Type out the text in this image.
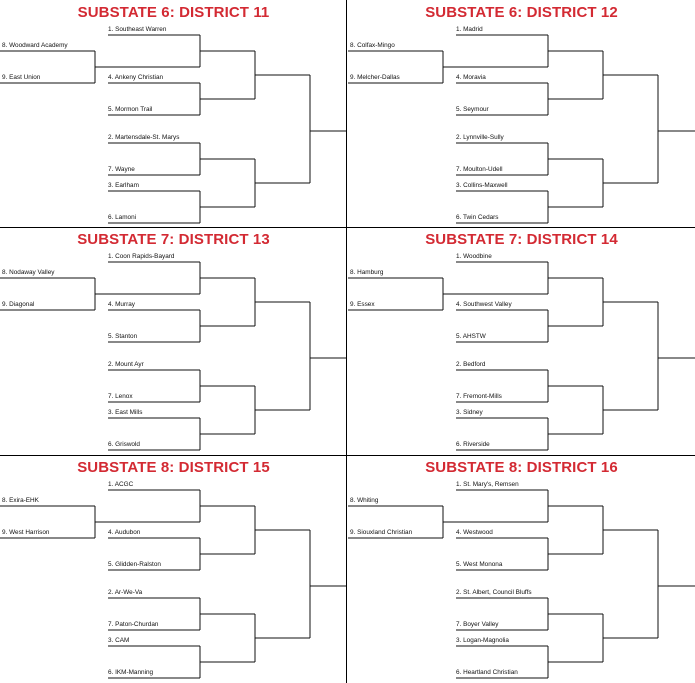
SUBSTATE 6: DISTRICT 11
8. Woodward Academy
9. East Union
1. Southeast Warren
4. Ankeny Christian
5. Mormon Trail
2. Martensdale-St. Marys
7. Wayne
3. Earlham
6. Lamoni
SUBSTATE 6: DISTRICT 12
8. Colfax-Mingo
9. Melcher-Dallas
1. Madrid
4. Moravia
5. Seymour
2. Lynnville-Sully
7. Moulton-Udell
3. Collins-Maxwell
6. Twin Cedars
SUBSTATE 7: DISTRICT 13
8. Nodaway Valley
9. Diagonal
1. Coon Rapids-Bayard
4. Murray
5. Stanton
2. Mount Ayr
7. Lenox
3. East Mills
6. Griswold
SUBSTATE 7: DISTRICT 14
8. Hamburg
9. Essex
1. Woodbine
4. Southwest Valley
5. AHSTW
2. Bedford
7. Fremont-Mills
3. Sidney
6. Riverside
SUBSTATE 8: DISTRICT 15
8. Exira-EHK
9. West Harrison
1. ACGC
4. Audubon
5. Glidden-Ralston
2. Ar-We-Va
7. Paton-Churdan
3. CAM
6. IKM-Manning
SUBSTATE 8: DISTRICT 16
8. Whiting
9. Siouxland Christian
1. St. Mary's, Remsen
4. Westwood
5. West Monona
2. St. Albert, Council Bluffs
7. Boyer Valley
3. Logan-Magnolia
6. Heartland Christian
